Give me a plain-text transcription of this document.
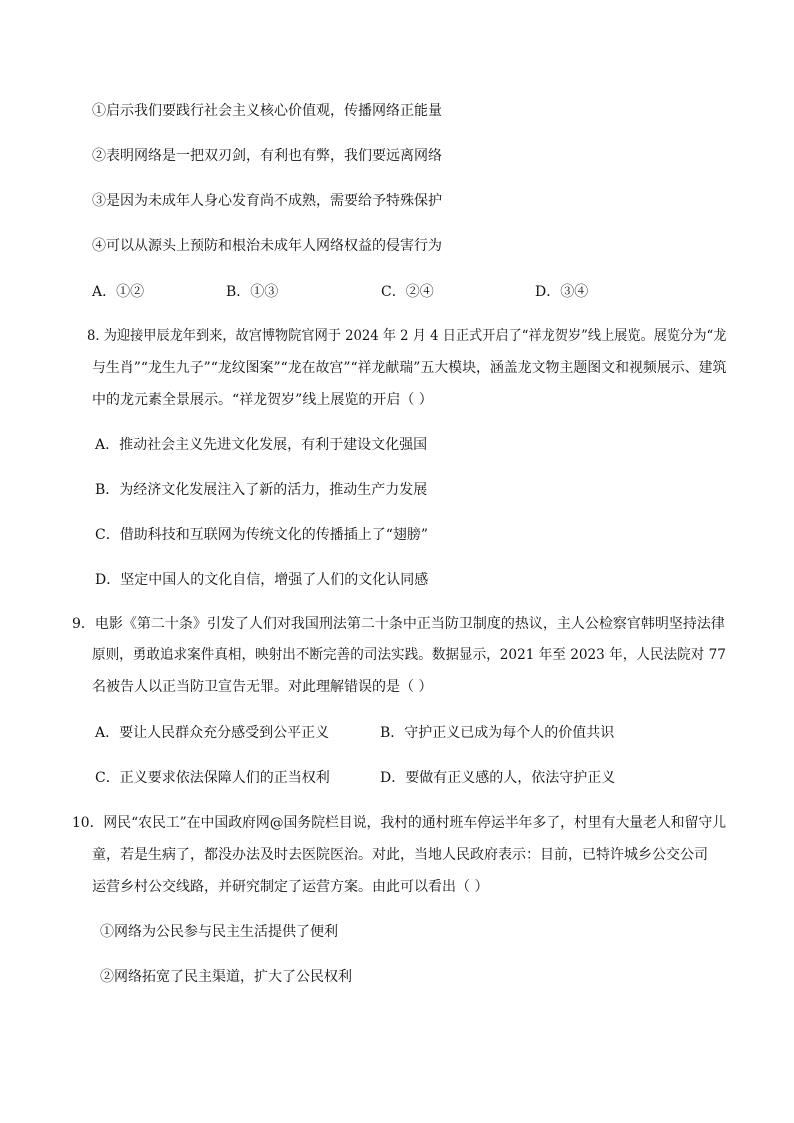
①启示我们要践行社会主义核心价值观，传播网络正能量
②表明网络是一把双刃剑，有利也有弊，我们要远离网络
③是因为未成年人身心发育尚不成熟，需要给予特殊保护
④可以从源头上预防和根治未成年人网络权益的侵害行为
A．①②	B．①③	C．②④	D．③④
8. 为迎接甲辰龙年到来，故宫博物院官网于 2024 年 2 月 4 日正式开启了“祥龙贺岁”线上展览。展览分为“龙
与生肖”“龙生九子”“龙纹图案”“龙在故宫”“祥龙献瑞”五大模块，涵盖龙文物主题图文和视频展示、建筑
中的龙元素全景展示。“祥龙贺岁”线上展览的开启（ ）
A．推动社会主义先进文化发展，有利于建设文化强国
B．为经济文化发展注入了新的活力，推动生产力发展
C．借助科技和互联网为传统文化的传播插上了“翅膀”
D．坚定中国人的文化自信，增强了人们的文化认同感
9．电影《第二十条》引发了人们对我国刑法第二十条中正当防卫制度的热议，主人公检察官韩明坚持法律
原则，勇敢追求案件真相，映射出不断完善的司法实践。数据显示，2021 年至 2023 年，人民法院对 77
名被告人以正当防卫宣告无罪。对此理解错误的是（ ）
A．要让人民群众充分感受到公平正义	B．守护正义已成为每个人的价值共识
C．正义要求依法保障人们的正当权利	D．要做有正义感的人，依法守护正义
10．网民“农民工”在中国政府网@国务院栏目说，我村的通村班车停运半年多了，村里有大量老人和留守儿
童，若是生病了，都没办法及时去医院医治。对此，当地人民政府表示：目前，已特许城乡公交公司
运营乡村公交线路，并研究制定了运营方案。由此可以看出（ ）
①网络为公民参与民主生活提供了便利
②网络拓宽了民主渠道，扩大了公民权利
